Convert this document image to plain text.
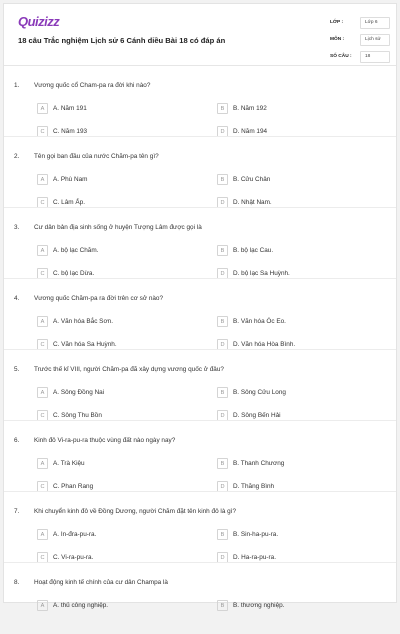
Quizizz
18 câu Trắc nghiệm Lịch sử 6 Cánh diều Bài 18 có đáp án
LỚP :	Lớp 6
MÔN :	Lịch sử
SỐ CÂU :	18
1. Vương quốc cổ Cham-pa ra đời khi nào?
A	A. Năm 191	B	B. Năm 192
C	C. Năm 193	D	D. Năm 194
2. Tên gọi ban đầu của nước Chăm-pa tên gì?
A	A. Phù Nam	B	B. Cửu Chân
C	C. Lâm Ấp.	D	D. Nhật Nam.
3. Cư dân bản địa sinh sống ở huyện Tượng Lâm được gọi là
A	A. bộ lạc Chăm.	B	B. bộ lạc Cau.
C	C. bộ lạc Dừa.	D	D. bộ lạc Sa Huỳnh.
4. Vương quốc Chăm-pa ra đời trên cơ sở nào?
A	A. Văn hóa Bắc Sơn.	B	B. Văn hóa Óc Eo.
C	C. Văn hóa Sa Huỳnh.	D	D. Văn hóa Hòa Bình.
5. Trước thế kỉ VIII, người Chăm-pa đã xây dựng vương quốc ở đâu?
A	A. Sông Đồng Nai	B	B. Sông Cửu Long
C	C. Sông Thu Bồn	D	D. Sông Bến Hải
6. Kinh đô Vi-ra-pu-ra thuộc vùng đất nào ngày nay?
A	A. Trà Kiệu	B	B. Thanh Chương
C	C. Phan Rang	D	D. Thăng Bình
7. Khi chuyển kinh đô về Đồng Dương, người Chăm đặt tên kinh đô là gì?
A	A. In-đra-pu-ra.	B	B. Sin-ha-pu-ra.
C	C. Vi-ra-pu-ra.	D	D. Ha-ra-pu-ra.
8. Hoạt động kinh tế chính của cư dân Champa là
A	A. thủ công nghiệp.	B	B. thương nghiệp.
